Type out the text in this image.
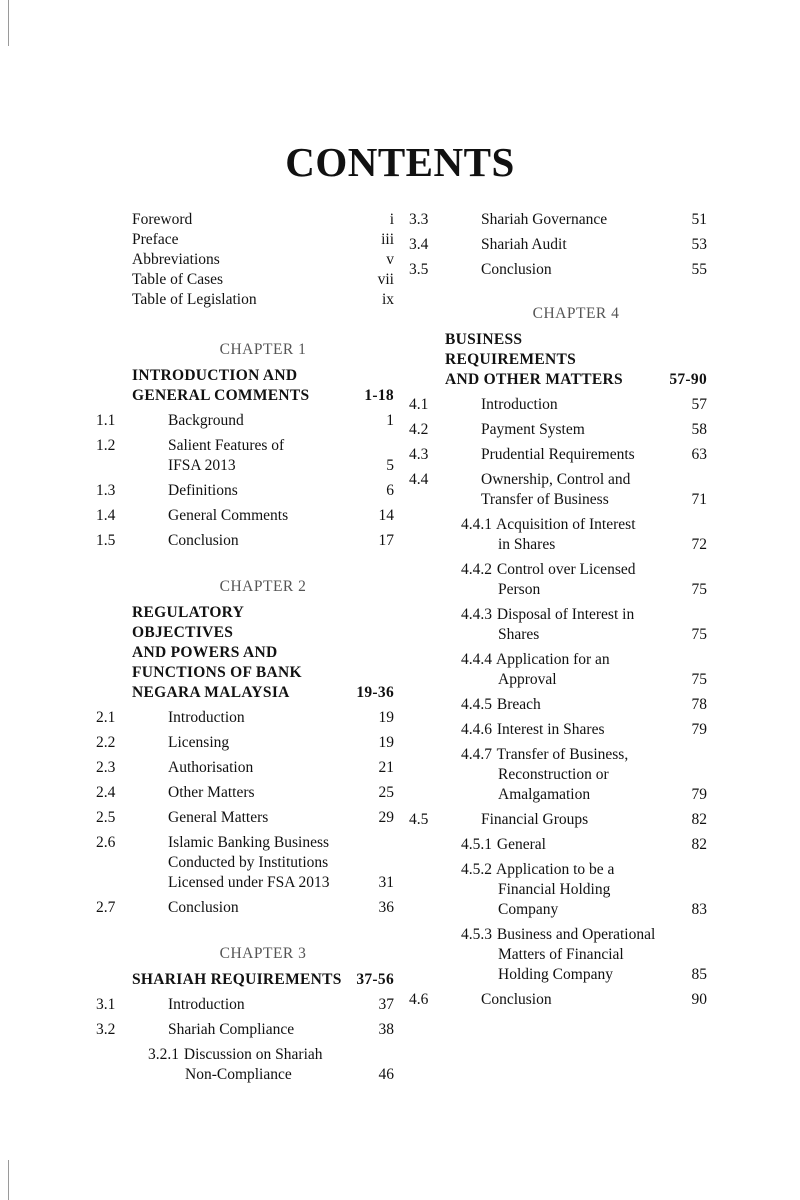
CONTENTS
Foreword	i
Preface	iii
Abbreviations	v
Table of Cases	vii
Table of Legislation	ix
CHAPTER 1
INTRODUCTION AND
GENERAL COMMENTS	1-18
1.1	Background	1
1.2	Salient Features of
IFSA 2013	5
1.3	Definitions	6
1.4	General Comments	14
1.5	Conclusion	17
CHAPTER 2
REGULATORY OBJECTIVES
AND POWERS AND
FUNCTIONS OF BANK
NEGARA MALAYSIA	19-36
2.1	Introduction	19
2.2	Licensing	19
2.3	Authorisation	21
2.4	Other Matters	25
2.5	General Matters	29
2.6	Islamic Banking Business
Conducted by Institutions
Licensed under FSA 2013	31
2.7	Conclusion	36
CHAPTER 3
SHARIAH REQUIREMENTS 37-56
3.1	Introduction	37
3.2	Shariah Compliance	38
3.2.1 Discussion on Shariah
Non-Compliance	46
3.3	Shariah Governance	51
3.4	Shariah Audit	53
3.5	Conclusion	55
CHAPTER 4
BUSINESS REQUIREMENTS
AND OTHER MATTERS	57-90
4.1	Introduction	57
4.2	Payment System	58
4.3	Prudential Requirements	63
4.4	Ownership, Control and
Transfer of Business	71
4.4.1 Acquisition of Interest
in Shares	72
4.4.2 Control over Licensed
Person	75
4.4.3 Disposal of Interest in
Shares	75
4.4.4 Application for an
Approval	75
4.4.5 Breach	78
4.4.6 Interest in Shares	79
4.4.7 Transfer of Business,
Reconstruction or
Amalgamation	79
4.5	Financial Groups	82
4.5.1 General	82
4.5.2 Application to be a
Financial Holding
Company	83
4.5.3 Business and Operational
Matters of Financial
Holding Company	85
4.6	Conclusion	90
